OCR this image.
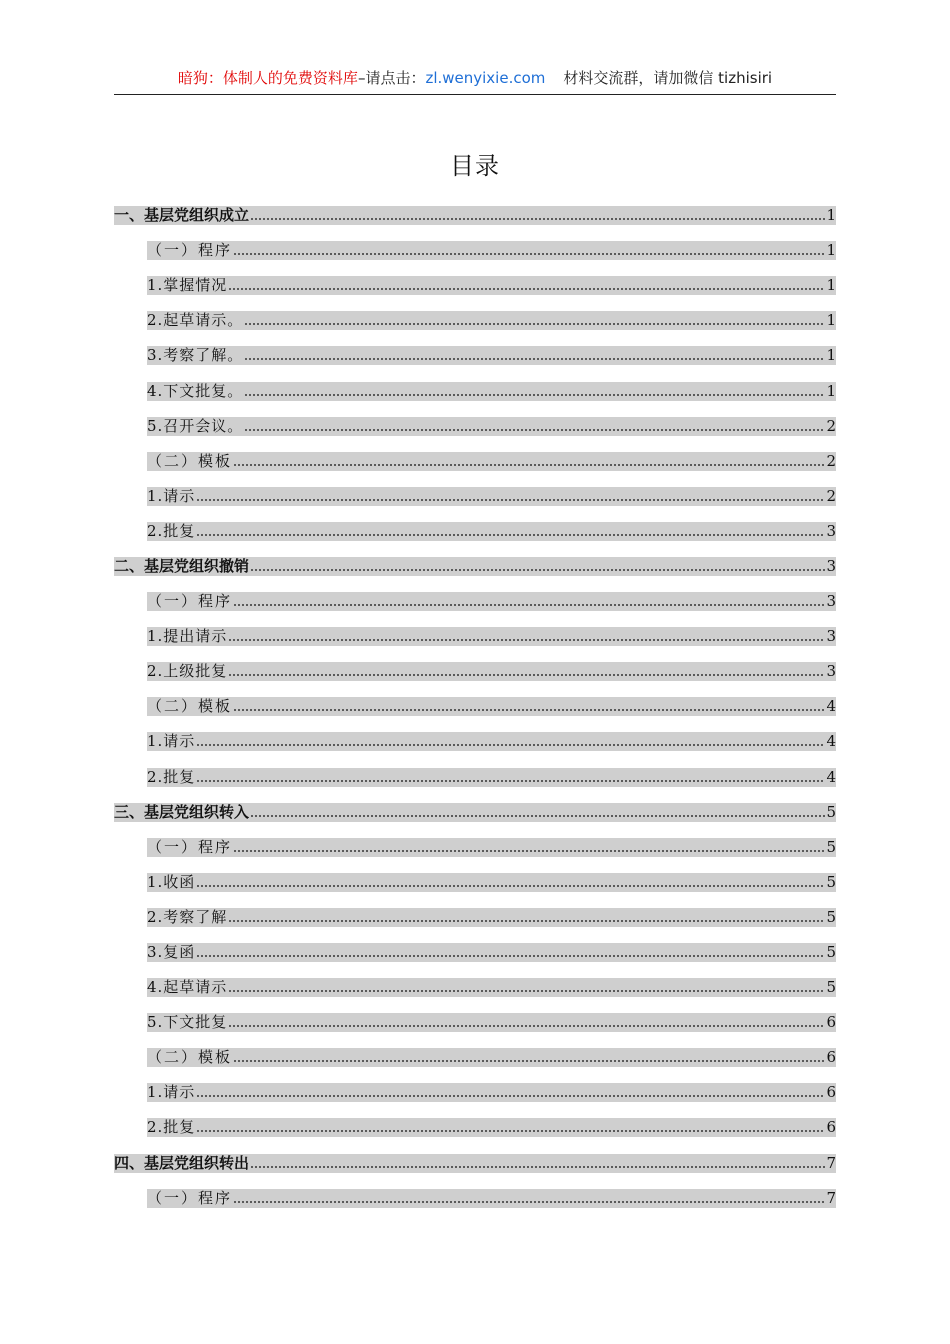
暗狗：体制人的免费资料库–请点击：zl.wenyixie.com 材料交流群，请加微信 tizhisiri
目录
一、基层党组织成立	1
（一）程序	1
1.掌握情况	1
2.起草请示。	1
3.考察了解。	1
4.下文批复。	1
5.召开会议。	2
（二）模板	2
1.请示	2
2.批复	3
二、基层党组织撤销	3
（一）程序	3
1.提出请示	3
2.上级批复	3
（二）模板	4
1.请示	4
2.批复	4
三、基层党组织转入	5
（一）程序	5
1.收函	5
2.考察了解	5
3.复函	5
4.起草请示	5
5.下文批复	6
（二）模板	6
1.请示	6
2.批复	6
四、基层党组织转出	7
（一）程序	7
